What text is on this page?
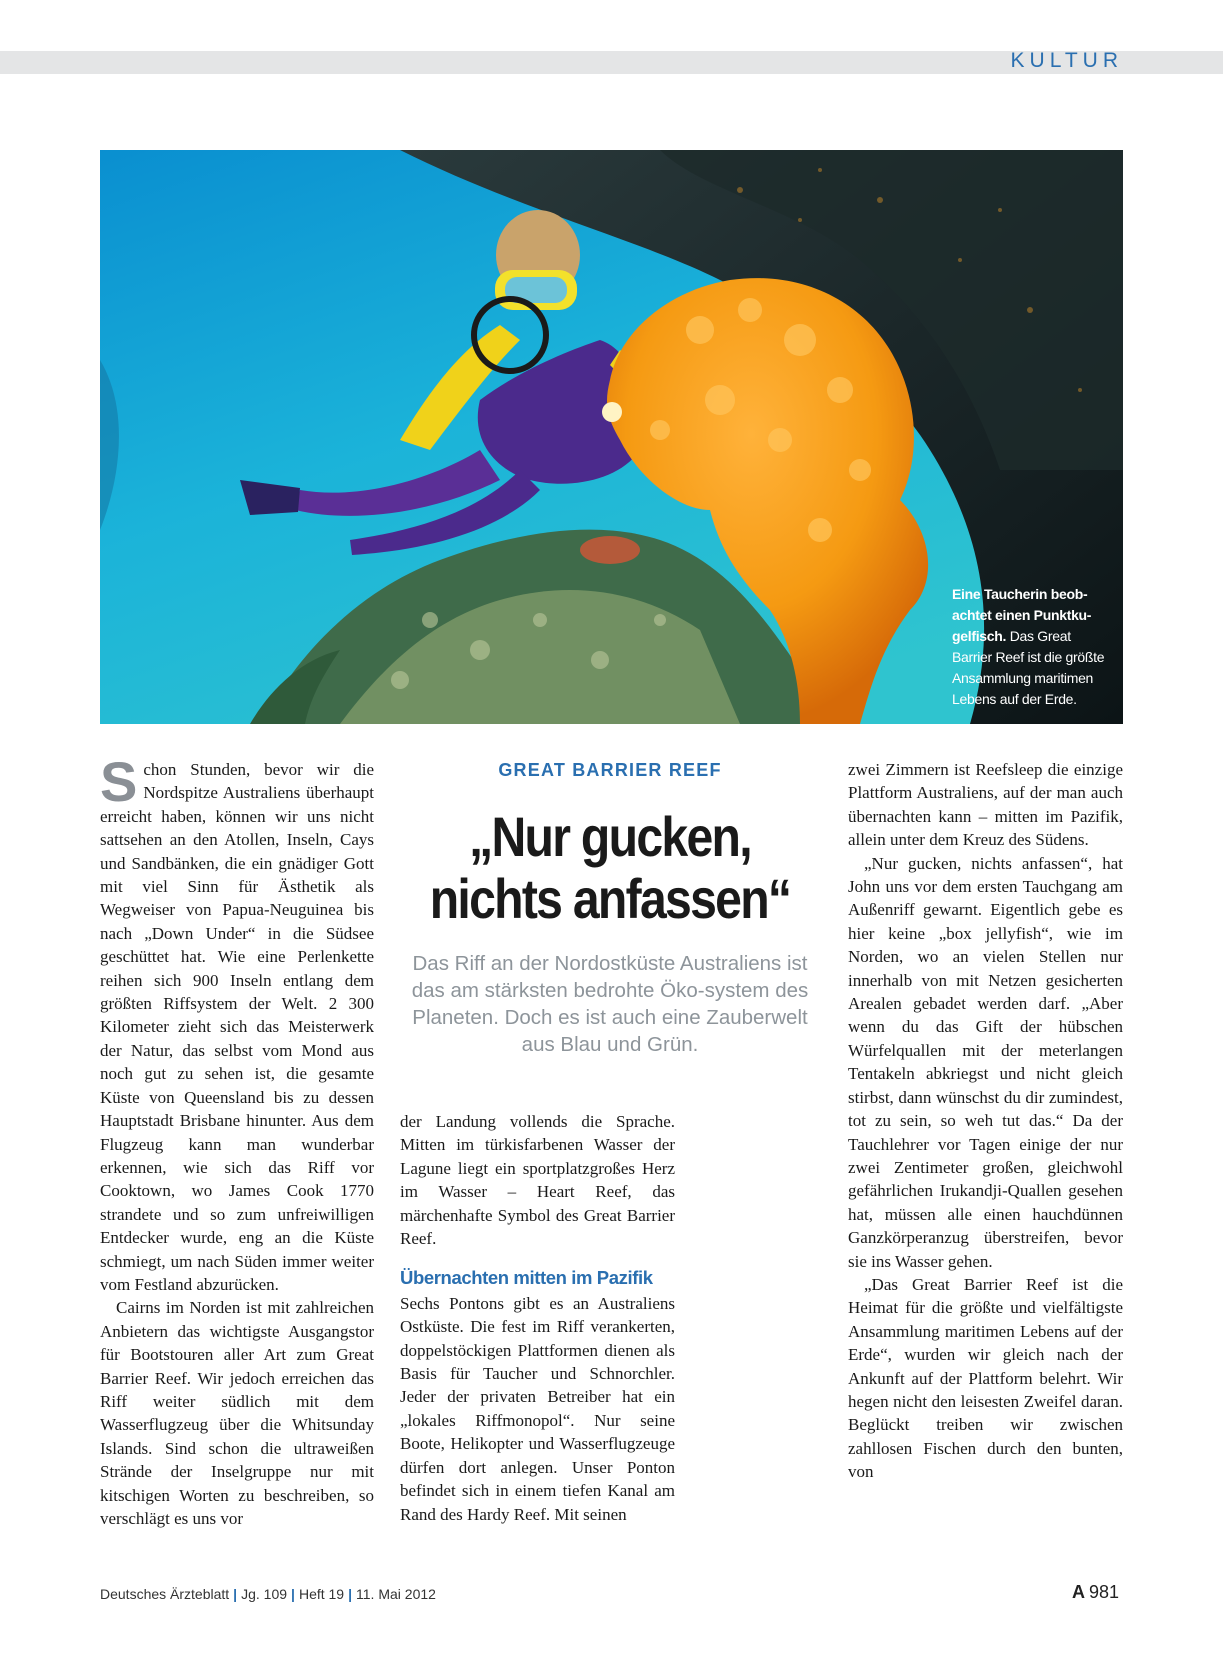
KULTUR
Eine Taucherin beob-achtet einen Punktku-gelfisch. Das Great Barrier Reef ist die größte Ansammlung maritimen Lebens auf der Erde.

Schon Stunden, bevor wir die Nordspitze Australiens überhaupt erreicht haben, können wir uns nicht sattsehen an den Atollen, Inseln, Cays und Sandbänken, die ein gnädiger Gott mit viel Sinn für Ästhetik als Wegweiser von Papua-Neuguinea bis nach „Down Under“ in die Südsee geschüttet hat. Wie eine Perlenkette reihen sich 900 Inseln entlang dem größten Riffsystem der Welt. 2 300 Kilometer zieht sich das Meisterwerk der Natur, das selbst vom Mond aus noch gut zu sehen ist, die gesamte Küste von Queensland bis zu dessen Hauptstadt Brisbane hinunter. Aus dem Flugzeug kann man wunderbar erkennen, wie sich das Riff vor Cooktown, wo James Cook 1770 strandete und so zum unfreiwilligen Entdecker wurde, eng an die Küste schmiegt, um nach Süden immer weiter vom Festland abzurücken.

Cairns im Norden ist mit zahlreichen Anbietern das wichtigste Ausgangstor für Bootstouren aller Art zum Great Barrier Reef. Wir jedoch erreichen das Riff weiter südlich mit dem Wasserflugzeug über die Whitsunday Islands. Sind schon die ultraweißen Strände der Inselgruppe nur mit kitschigen Worten zu beschreiben, so verschlägt es uns vor

GREAT BARRIER REEF
„Nur gucken,
nichts anfassen“
Das Riff an der Nordostküste Australiens ist das am stärksten bedrohte Öko-system des Planeten. Doch es ist auch eine Zauberwelt aus Blau und Grün.

der Landung vollends die Sprache. Mitten im türkisfarbenen Wasser der Lagune liegt ein sportplatzgroßes Herz im Wasser – Heart Reef, das märchenhafte Symbol des Great Barrier Reef.

Übernachten mitten im Pazifik

Sechs Pontons gibt es an Australiens Ostküste. Die fest im Riff verankerten, doppelstöckigen Plattformen dienen als Basis für Taucher und Schnorchler. Jeder der privaten Betreiber hat ein „lokales Riffmonopol“. Nur seine Boote, Helikopter und Wasserflugzeuge dürfen dort anlegen. Unser Ponton befindet sich in einem tiefen Kanal am Rand des Hardy Reef. Mit seinen

zwei Zimmern ist Reefsleep die einzige Plattform Australiens, auf der man auch übernachten kann – mitten im Pazifik, allein unter dem Kreuz des Südens.

„Nur gucken, nichts anfassen“, hat John uns vor dem ersten Tauchgang am Außenriff gewarnt. Eigentlich gebe es hier keine „box jellyfish“, wie im Norden, wo an vielen Stellen nur innerhalb von mit Netzen gesicherten Arealen gebadet werden darf. „Aber wenn du das Gift der hübschen Würfelquallen mit der meterlangen Tentakeln abkriegst und nicht gleich stirbst, dann wünschst du dir zumindest, tot zu sein, so weh tut das.“ Da der Tauchlehrer vor Tagen einige der nur zwei Zentimeter großen, gleichwohl gefährlichen Irukandji-Quallen gesehen hat, müssen alle einen hauchdünnen Ganzkörperanzug überstreifen, bevor sie ins Wasser gehen.

„Das Great Barrier Reef ist die Heimat für die größte und vielfältigste Ansammlung maritimen Lebens auf der Erde“, wurden wir gleich nach der Ankunft auf der Plattform belehrt. Wir hegen nicht den leisesten Zweifel daran. Beglückt treiben wir zwischen zahllosen Fischen durch den bunten, von

Deutsches Ärzteblatt | Jg. 109 | Heft 19 | 11. Mai 2012	A 981
